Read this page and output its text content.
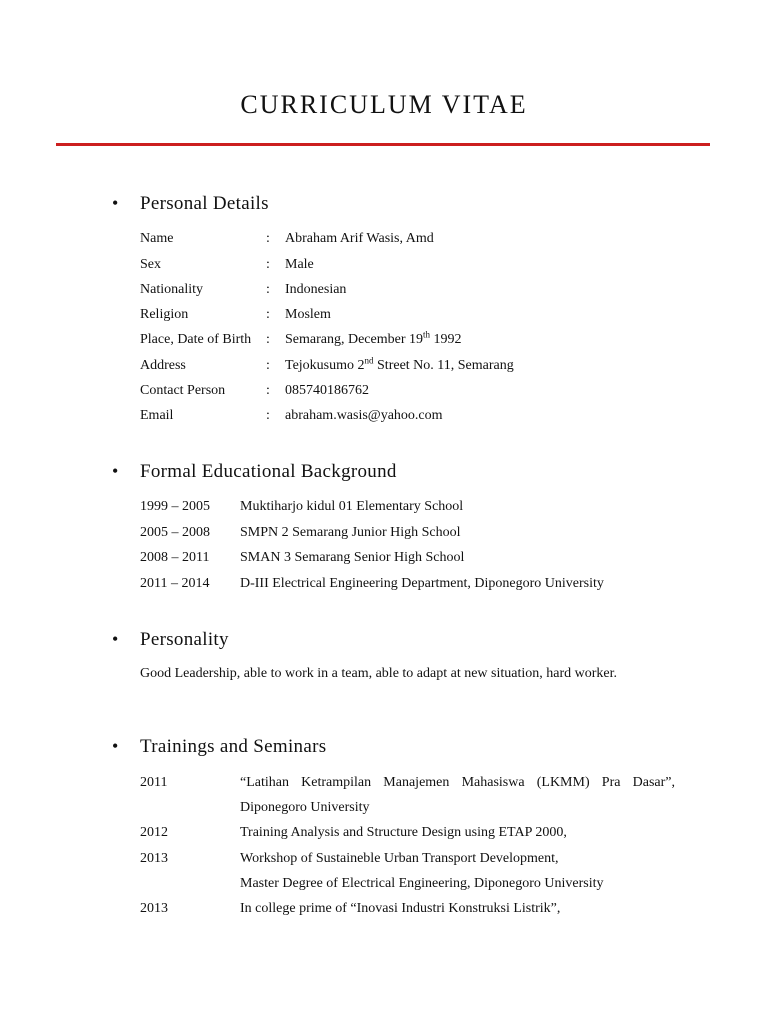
CURRICULUM VITAE
• Personal Details
Name	: Abraham Arif Wasis, Amd
Sex	: Male
Nationality	: Indonesian
Religion	: Moslem
Place, Date of Birth : Semarang, December 19th 1992
Address	: Tejokusumo 2nd Street No. 11, Semarang
Contact Person	: 085740186762
Email	: abraham.wasis@yahoo.com
• Formal Educational Background
1999 – 2005 Muktiharjo kidul 01 Elementary School
2005 – 2008 SMPN 2 Semarang Junior High School
2008 – 2011 SMAN 3 Semarang Senior High School
2011 – 2014 D-III Electrical Engineering Department, Diponegoro University
• Personality
Good Leadership, able to work in a team, able to adapt at new situation, hard worker.
• Trainings and Seminars
2011	“Latihan Ketrampilan Manajemen Mahasiswa (LKMM) Pra Dasar”,
Diponegoro University
2012	Training Analysis and Structure Design using ETAP 2000,
2013	Workshop of Sustaineble Urban Transport Development,
Master Degree of Electrical Engineering, Diponegoro University
2013	In college prime of “Inovasi Industri Konstruksi Listrik”,
